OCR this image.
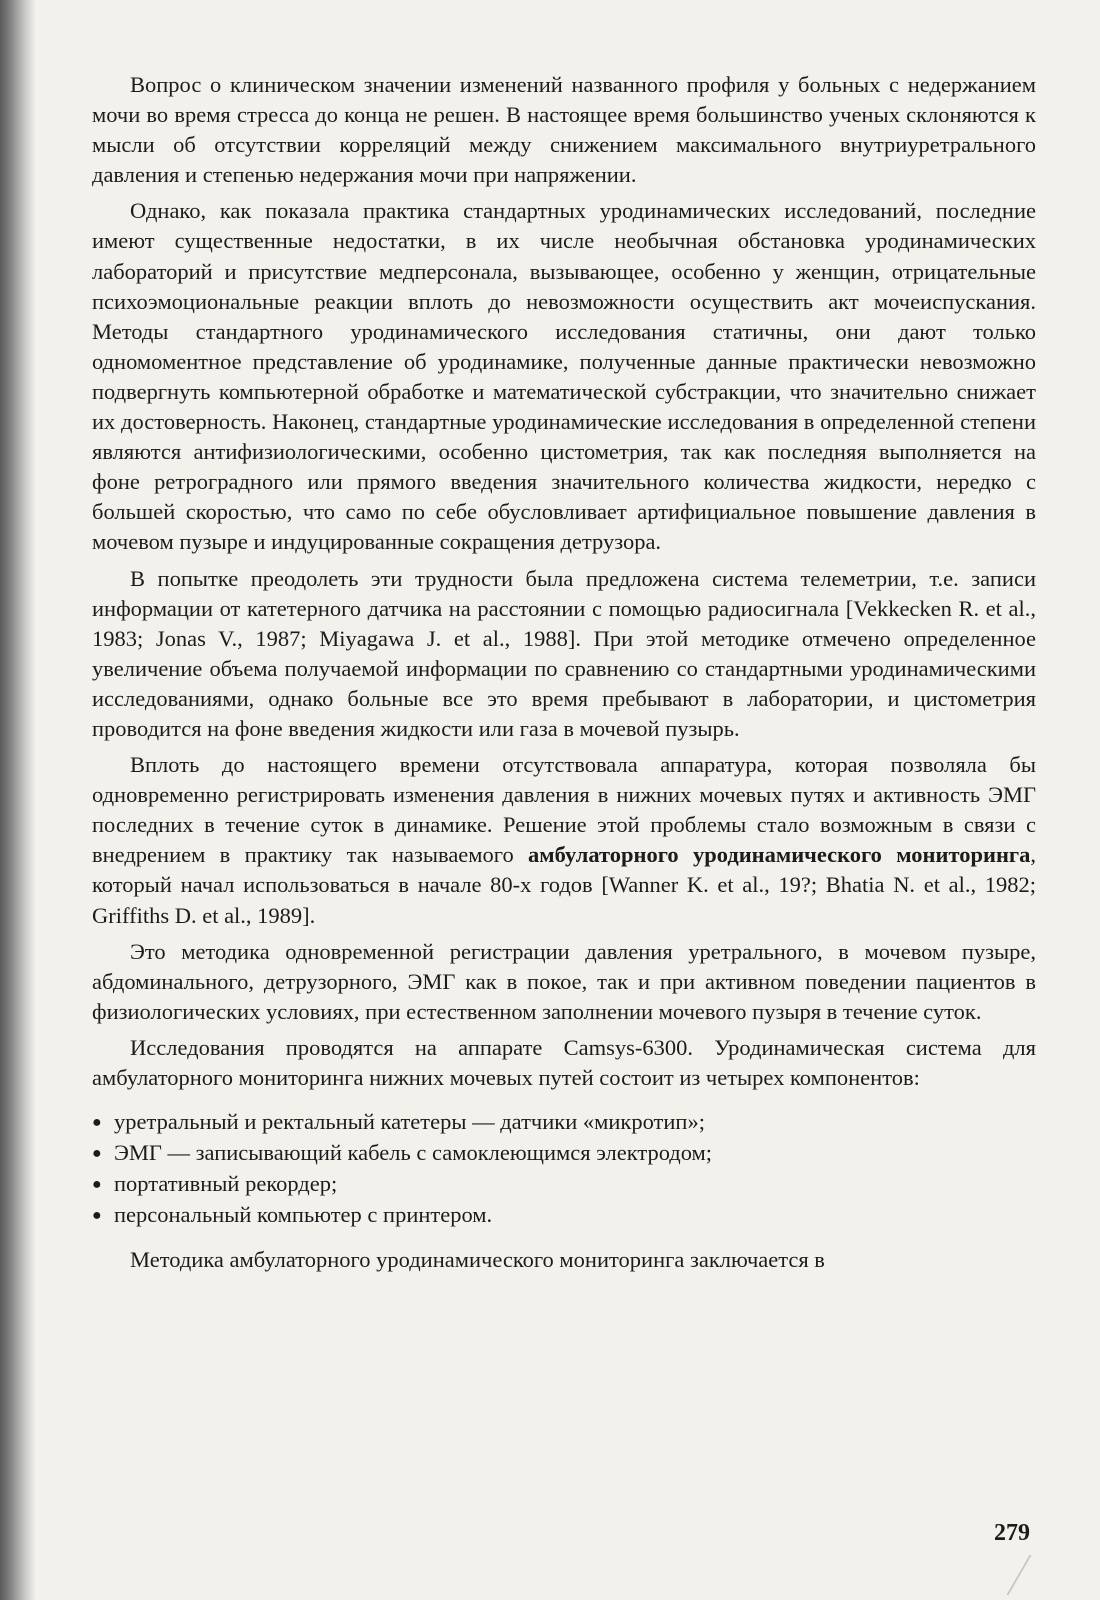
Вопрос о клиническом значении изменений названного профиля у больных с недержанием мочи во время стресса до конца не решен. В настоящее время большинство ученых склоняются к мысли об отсутствии корреляций между снижением максимального внутриуретрального давления и степенью недержания мочи при напряжении.

Однако, как показала практика стандартных уродинамических исследований, последние имеют существенные недостатки, в их числе необычная обстановка уродинамических лабораторий и присутствие медперсонала, вызывающее, особенно у женщин, отрицательные психоэмоциональные реакции вплоть до невозможности осуществить акт мочеиспускания. Методы стандартного уродинамического исследования статичны, они дают только одномоментное представление об уродинамике, полученные данные практически невозможно подвергнуть компьютерной обработке и математической субстракции, что значительно снижает их достоверность. Наконец, стандартные уродинамические исследования в определенной степени являются антифизиологическими, особенно цистометрия, так как последняя выполняется на фоне ретроградного или прямого введения значительного количества жидкости, нередко с большей скоростью, что само по себе обусловливает артифициальное повышение давления в мочевом пузыре и индуцированные сокращения детрузора.

В попытке преодолеть эти трудности была предложена система телеметрии, т.е. записи информации от катетерного датчика на расстоянии с помощью радиосигнала [Vekkecken R. et al., 1983; Jonas V., 1987; Miyagawa J. et al., 1988]. При этой методике отмечено определенное увеличение объема получаемой информации по сравнению со стандартными уродинамическими исследованиями, однако больные все это время пребывают в лаборатории, и цистометрия проводится на фоне введения жидкости или газа в мочевой пузырь.

Вплоть до настоящего времени отсутствовала аппаратура, которая позволяла бы одновременно регистрировать изменения давления в нижних мочевых путях и активность ЭМГ последних в течение суток в динамике. Решение этой проблемы стало возможным в связи с внедрением в практику так называемого амбулаторного уродинамического мониторинга, который начал использоваться в начале 80-х годов [Wanner K. et al., 19?; Bhatia N. et al., 1982; Griffiths D. et al., 1989].

Это методика одновременной регистрации давления уретрального, в мочевом пузыре, абдоминального, детрузорного, ЭМГ как в покое, так и при активном поведении пациентов в физиологических условиях, при естественном заполнении мочевого пузыря в течение суток.

Исследования проводятся на аппарате Camsys-6300. Уродинамическая система для амбулаторного мониторинга нижних мочевых путей состоит из четырех компонентов:

● уретральный и ректальный катетеры — датчики «микротип»;
● ЭМГ — записывающий кабель с самоклеющимся электродом;
● портативный рекордер;
● персональный компьютер с принтером.

Методика амбулаторного уродинамического мониторинга заключается в

279
